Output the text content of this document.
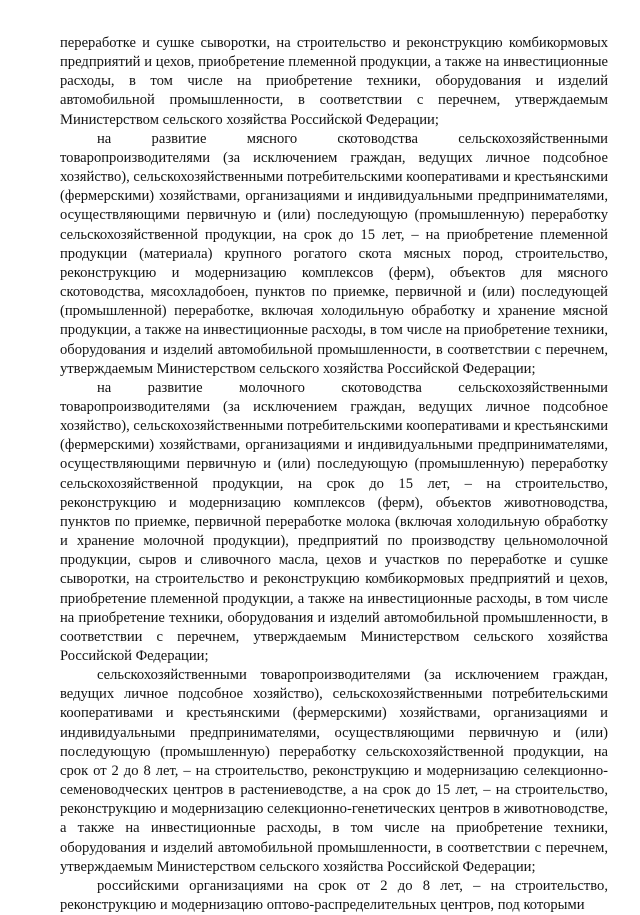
переработке и сушке сыворотки, на строительство и реконструкцию комбикормовых предприятий и цехов, приобретение племенной продукции, а также на инвестиционные расходы, в том числе на приобретение техники, оборудования и изделий автомобильной промышленности, в соответствии с перечнем, утверждаемым Министерством сельского хозяйства Российской Федерации;

на развитие мясного скотоводства сельскохозяйственными товаропроизводителями (за исключением граждан, ведущих личное подсобное хозяйство), сельскохозяйственными потребительскими кооперативами и крестьянскими (фермерскими) хозяйствами, организациями и индивидуальными предпринимателями, осуществляющими первичную и (или) последующую (промышленную) переработку сельскохозяйственной продукции, на срок до 15 лет, – на приобретение племенной продукции (материала) крупного рогатого скота мясных пород, строительство, реконструкцию и модернизацию комплексов (ферм), объектов для мясного скотоводства, мясохладобоен, пунктов по приемке, первичной и (или) последующей (промышленной) переработке, включая холодильную обработку и хранение мясной продукции, а также на инвестиционные расходы, в том числе на приобретение техники, оборудования и изделий автомобильной промышленности, в соответствии с перечнем, утверждаемым Министерством сельского хозяйства Российской Федерации;

на развитие молочного скотоводства сельскохозяйственными товаропроизводителями (за исключением граждан, ведущих личное подсобное хозяйство), сельскохозяйственными потребительскими кооперативами и крестьянскими (фермерскими) хозяйствами, организациями и индивидуальными предпринимателями, осуществляющими первичную и (или) последующую (промышленную) переработку сельскохозяйственной продукции, на срок до 15 лет, – на строительство, реконструкцию и модернизацию комплексов (ферм), объектов животноводства, пунктов по приемке, первичной переработке молока (включая холодильную обработку и хранение молочной продукции), предприятий по производству цельномолочной продукции, сыров и сливочного масла, цехов и участков по переработке и сушке сыворотки, на строительство и реконструкцию комбикормовых предприятий и цехов, приобретение племенной продукции, а также на инвестиционные расходы, в том числе на приобретение техники, оборудования и изделий автомобильной промышленности, в соответствии с перечнем, утверждаемым Министерством сельского хозяйства Российской Федерации;

сельскохозяйственными товаропроизводителями (за исключением граждан, ведущих личное подсобное хозяйство), сельскохозяйственными потребительскими кооперативами и крестьянскими (фермерскими) хозяйствами, организациями и индивидуальными предпринимателями, осуществляющими первичную и (или) последующую (промышленную) переработку сельскохозяйственной продукции, на срок от 2 до 8 лет, – на строительство, реконструкцию и модернизацию селекционно-семеноводческих центров в растениеводстве, а на срок до 15 лет, – на строительство, реконструкцию и модернизацию селекционно-генетических центров в животноводстве, а также на инвестиционные расходы, в том числе на приобретение техники, оборудования и изделий автомобильной промышленности, в соответствии с перечнем, утверждаемым Министерством сельского хозяйства Российской Федерации;

российскими организациями на срок от 2 до 8 лет, – на строительство, реконструкцию и модернизацию оптово-распределительных центров, под которыми
